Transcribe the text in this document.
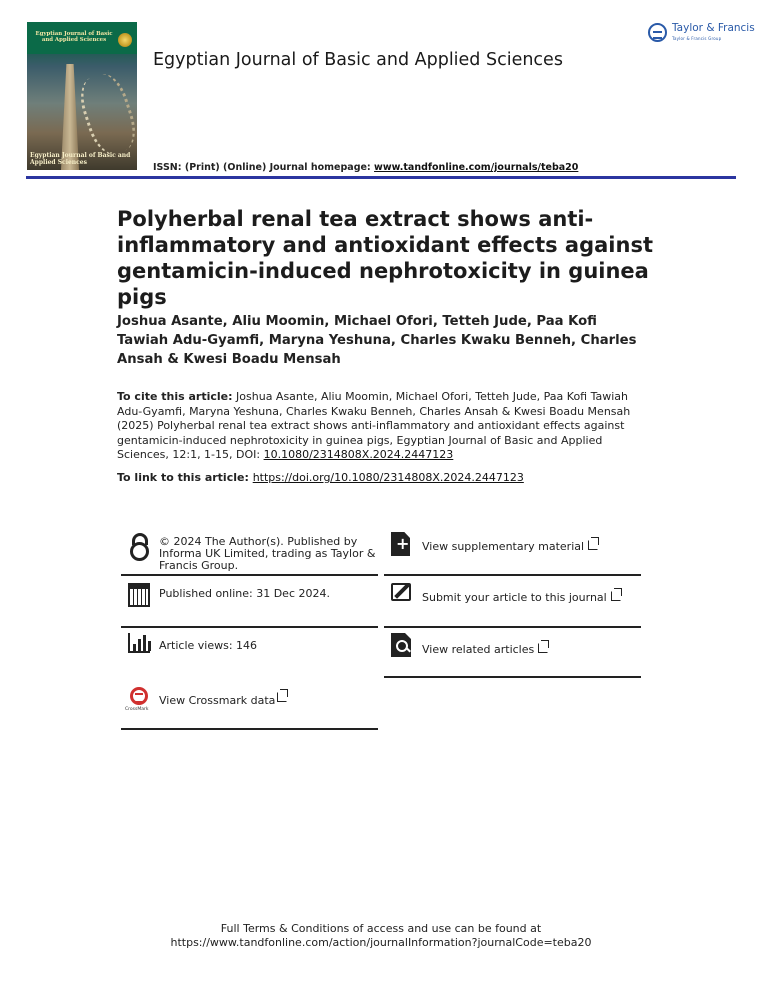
Egyptian Journal of Basic and Applied Sciences
Egyptian Journal of Basic and Applied Sciences
Egyptian Journal of Basic and Applied Sciences
ISSN: (Print) (Online) Journal homepage: www.tandfonline.com/journals/teba20
Taylor & Francis
Taylor & Francis Group
Polyherbal renal tea extract shows anti-inflammatory and antioxidant effects against gentamicin-induced nephrotoxicity in guinea pigs
Joshua Asante, Aliu Moomin, Michael Ofori, Tetteh Jude, Paa Kofi Tawiah Adu-Gyamfi, Maryna Yeshuna, Charles Kwaku Benneh, Charles Ansah & Kwesi Boadu Mensah
To cite this article: Joshua Asante, Aliu Moomin, Michael Ofori, Tetteh Jude, Paa Kofi Tawiah Adu-Gyamfi, Maryna Yeshuna, Charles Kwaku Benneh, Charles Ansah & Kwesi Boadu Mensah (2025) Polyherbal renal tea extract shows anti-inflammatory and antioxidant effects against gentamicin-induced nephrotoxicity in guinea pigs, Egyptian Journal of Basic and Applied Sciences, 12:1, 1-15, DOI: 10.1080/2314808X.2024.2447123
To link to this article: https://doi.org/10.1080/2314808X.2024.2447123
© 2024 The Author(s). Published by Informa UK Limited, trading as Taylor & Francis Group.
Published online: 31 Dec 2024.
Article views: 146
CrossMark
View Crossmark data
+
View supplementary material
Submit your article to this journal
View related articles
Full Terms & Conditions of access and use can be found at
https://www.tandfonline.com/action/journalInformation?journalCode=teba20
